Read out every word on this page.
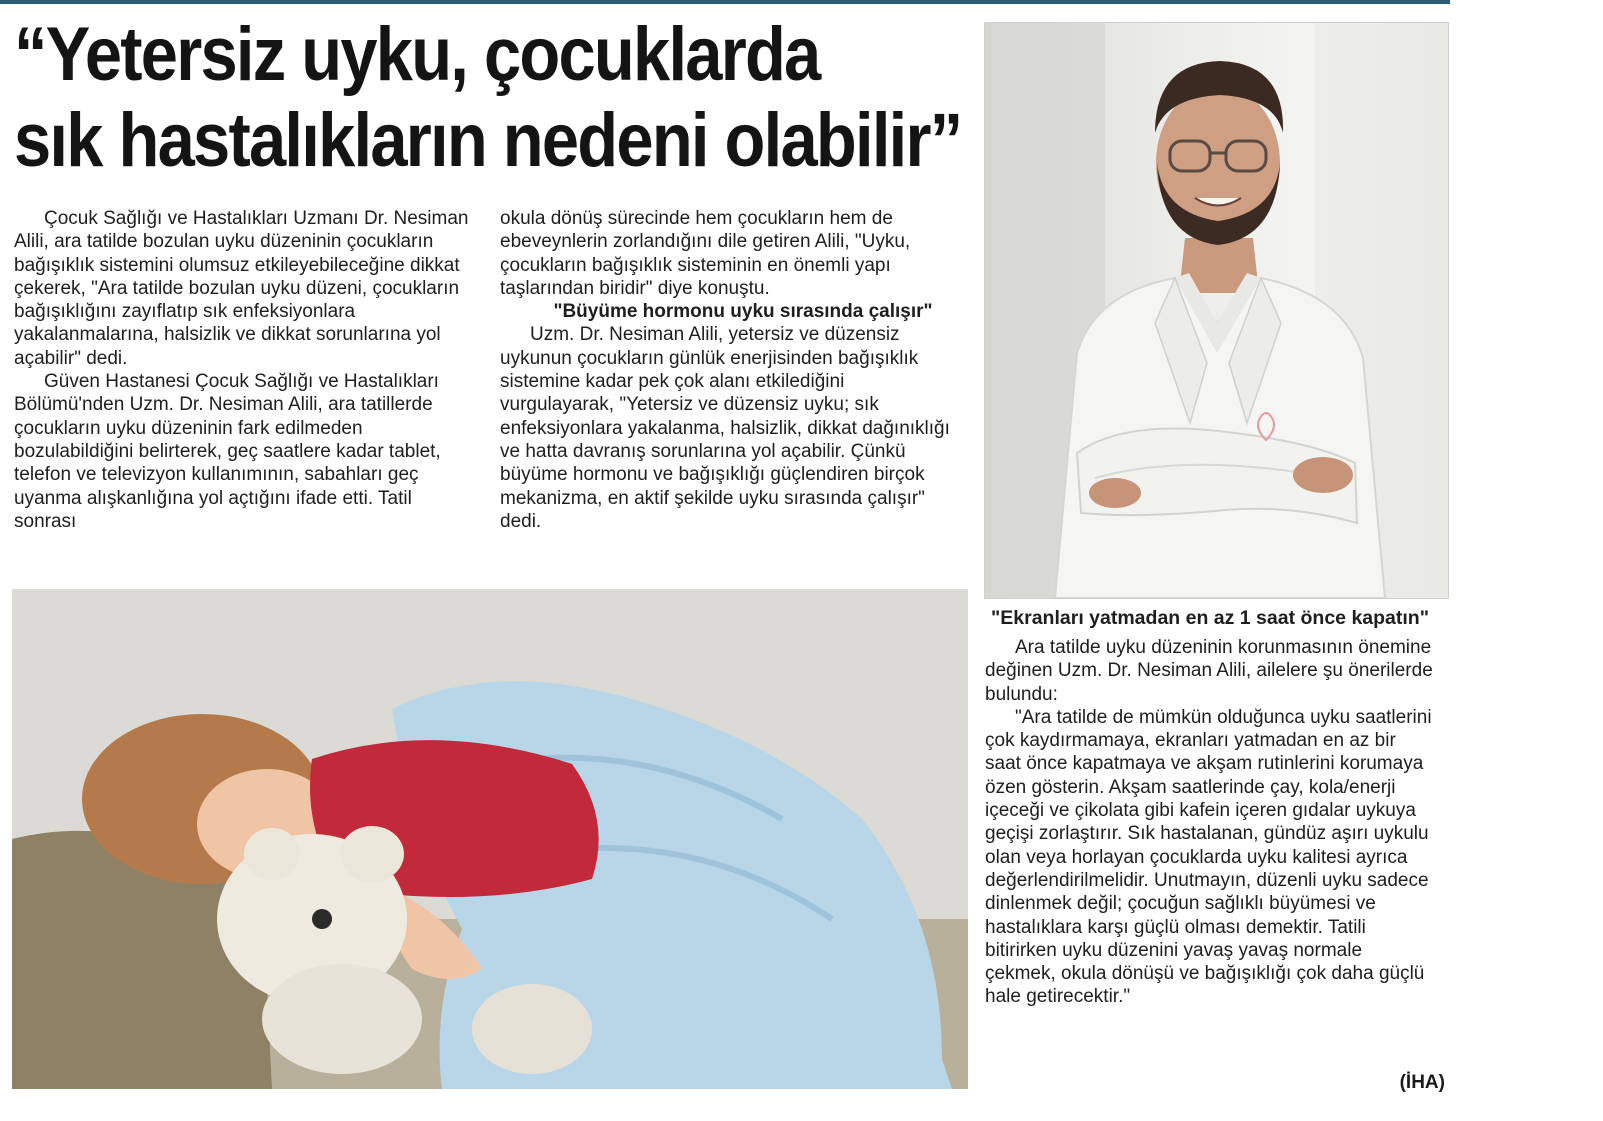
“Yetersiz uyku, çocuklarda
sık hastalıkların nedeni olabilir”

Çocuk Sağlığı ve Hastalıkları Uzmanı Dr. Nesiman Alili, ara tatilde bozulan uyku düzeninin çocukların bağışıklık sistemini olumsuz etkileyebileceğine dikkat çekerek, "Ara tatilde bozulan uyku düzeni, çocukların bağışıklığını zayıflatıp sık enfeksiyonlara yakalanmalarına, halsizlik ve dikkat sorunlarına yol açabilir" dedi.

Güven Hastanesi Çocuk Sağlığı ve Hastalıkları Bölümü'nden Uzm. Dr. Nesiman Alili, ara tatillerde çocukların uyku düzeninin fark edilmeden bozulabildiğini belirterek, geç saatlere kadar tablet, telefon ve televizyon kullanımının, sabahları geç uyanma alışkanlığına yol açtığını ifade etti. Tatil sonrası

okula dönüş sürecinde hem çocukların hem de ebeveynlerin zorlandığını dile getiren Alili, "Uyku, çocukların bağışıklık sisteminin en önemli yapı taşlarından biridir" diye konuştu.

"Büyüme hormonu uyku sırasında çalışır"

Uzm. Dr. Nesiman Alili, yetersiz ve düzensiz uykunun çocukların günlük enerjisinden bağışıklık sistemine kadar pek çok alanı etkilediğini vurgulayarak, "Yetersiz ve düzensiz uyku; sık enfeksiyonlara yakalanma, halsizlik, dikkat dağınıklığı ve hatta davranış sorunlarına yol açabilir. Çünkü büyüme hormonu ve bağışıklığı güçlendiren birçok mekanizma, en aktif şekilde uyku sırasında çalışır" dedi.

"Ekranları yatmadan en az 1 saat önce kapatın"

Ara tatilde uyku düzeninin korunmasının önemine değinen Uzm. Dr. Nesiman Alili, ailelere şu önerilerde bulundu:

"Ara tatilde de mümkün olduğunca uyku saatlerini çok kaydırmamaya, ekranları yatmadan en az bir saat önce kapatmaya ve akşam rutinlerini korumaya özen gösterin. Akşam saatlerinde çay, kola/enerji içeceği ve çikolata gibi kafein içeren gıdalar uykuya geçişi zorlaştırır. Sık hastalanan, gündüz aşırı uykulu olan veya horlayan çocuklarda uyku kalitesi ayrıca değerlendirilmelidir. Unutmayın, düzenli uyku sadece dinlenmek değil; çocuğun sağlıklı büyümesi ve hastalıklara karşı güçlü olması demektir. Tatili bitirirken uyku düzenini yavaş yavaş normale çekmek, okula dönüşü ve bağışıklığı çok daha güçlü hale getirecektir."

(İHA)
